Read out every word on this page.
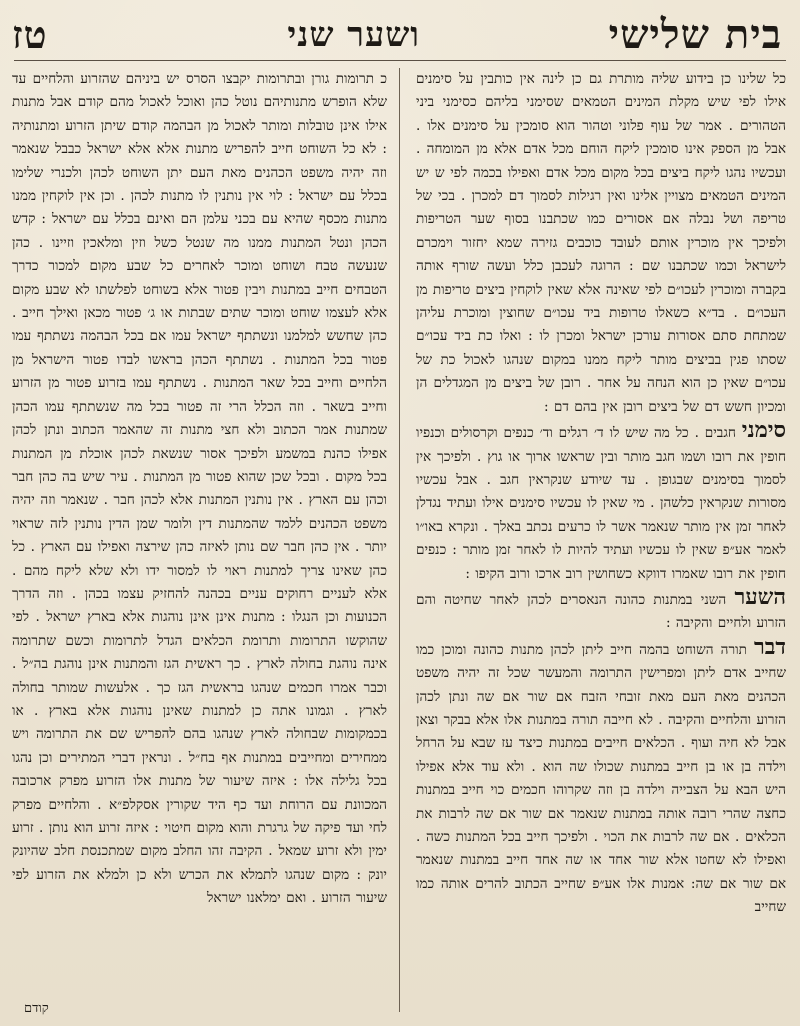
בית שלישי
ושער שני
טז

כל שלינו כן בידוע שליה מותרת גם כן לינה אין כותבין על סימנים אילו לפי שיש מקלת המינים הטמאים שסימני בליהם כסימני ביני הטהורים . אמר של עוף פלוני וטהור הוא סומכין על סימנים אלו . אבל מן הספק אינו סומכין ליקח הוחם מכל אדם אלא מן המומחה . ועכשיו נהגו ליקח ביצים בכל מקום מכל אדם ואפילו בכמה לפי ש יש המינים הטמאים מצויין אלינו ואין רגילות לסמוך דם למכרן . בכי של טריפה ושל נבלה אם אסורים כמו שכתבנו בסוף שער הטריפות ולפיכך אין מוכרין אותם לעובד כוכבים גזירה שמא יחזור וימכרם לישראל וכמו שכתבנו שם : הרוגה לעכבן כלל ועשה שורף אותה בקברה ומוכרין לעכו״ם לפי שאינה אלא שאין לוקחין ביצים טריפות מן העכו״ם . בד״א כשאלו טרופות ביד עכו״ם שחוצין ומוכרת עליהן שמתחת סתם אסורות עורכן ישראל ומכרן לו : ואלו כת ביד עכו״ם שסתו פגין בביצים מותר ליקח ממנו במקום שנהגו לאכול כת של עכו״ם שאין כן הוא הנחה על אחר . רובן של ביצים מן המגדלים הן ומכיון חשש דם של ביצים רובן אין בהם דם :

סימני חגבים . כל מה שיש לו ד׳ רגלים וד׳ כנפים וקרסולים וכנפיו חופין את רובו ושמו חגב מותר ובין שראשו ארוך או גוץ . ולפיכך אין לסמוך בסימנים שבגופן . עד שיודע שנקראין חגב . אבל עכשיו מסורות שנקראין כלשהן . מי שאין לו עכשיו סימנים אילו ועתיד נגדלן לאחר זמן אין מותר שנאמר אשר לו כרעים נכתב באלך . ונקרא באו״ו לאמר אע״פ שאין לו עכשיו ועתיד להיות לו לאחר זמן מותר : כנפים חופין את רובו שאמרו דווקא כשחושין רוב ארכו ורוב הקיפו :

השער השני במתנות כהונה הנאסרים לכהן לאחר שחיטה והם הזרוע ולחיים והקיבה :

דבר תורה השוחט בהמה חייב ליתן לכהן מתנות כהונה ומוכן כמו שחייב אדם ליתן ומפרישין התרומה והמעשר שכל זה יהיה משפט הכהנים מאת העם מאת זובחי הזבח אם שור אם שה ונתן לכהן הזרוע והלחיים והקיבה . לא חייבה תורה במתנות אלו אלא בבקר וצאן אבל לא חיה ועוף . הכלאים חייבים במתנות כיצד עז שבא על הרחל וילדה בן או בן חייב במתנות שכולו שה הוא . ולא עוד אלא אפילו היש הבא על הצבייה וילדה בן וזה שקרוהו חכמים כוי חייב במתנות כחצה שהרי רובה אותה במתנות שנאמר אם שור אם שה לרבות את הכלאים . אם שה לרבות את הכוי . ולפיכך חייב בכל המתנות כשה . ואפילו לא שחטו אלא שור אחד או שה אחד חייב במתנות שנאמר אם שור אם שה: אמנות אלו אע״פ שחייב הכתוב להרים אותה כמו שחייב

כ תרומות גורן ובתרומות יקבצו הסרס יש ביניהם שהזרוע והלחיים עד שלא הופרש מתנותיהם נוטל כהן ואוכל לאכול מהם קודם אבל מתנות אילו אינן טובלות ומותר לאכול מן הבהמה קודם שיתן הזרוע ומתנותיה : לא כל השוחט חייב להפריש מתנות אלא אלא ישראל כבבל שנאמר וזה יהיה משפט הכהנים מאת העם יתן השוחט לכהן ולכנרי שלימו בכלל עם ישראל : לוי אין נותנין לו מתנות לכהן . וכן אין לוקחין ממנו מתנות מכסף שהיא עם בכני עלמן הם ואינם בכלל עם ישראל : קדש הכהן ונטל המתנות ממנו מה שנטל כשל וזין ומלאכין וזיינו . כהן שנעשה טבח ושוחט ומוכר לאחרים כל שבע מקום למכור כדרך הטבחים חייב במתנות ויבין פטור אלא בשוחט לפלשתו לא שבע מקום אלא לעצמו שוחט ומוכר שתים שבתות או ג׳ פטור מכאן ואילך חייב . כהן שחשש למלמנו ונשתתף ישראל עמו אם בכל הבהמה נשתתף עמו פטור בכל המתנות . נשתתף הכהן בראשו לבדו פטור הישראל מן הלחיים וחייב בכל שאר המתנות . נשתתף עמו בזרוע פטור מן הזרוע וחייב בשאר . וזה הכלל הרי זה פטור בכל מה שנשתתף עמו הכהן שמתנות אמר הכתוב ולא חצי מתנות זה שהאמר הכתוב ונתן לכהן אפילו כהנת במשמע ולפיכך אסור שנשאת לכהן אוכלת מן המתנות בכל מקום . ובכל שכן שהוא פטור מן המתנות . עיר שיש בה כהן חבר וכהן עם הארץ . אין נותנין המתנות אלא לכהן חבר . שנאמר וזה יהיה משפט הכהנים ללמד שהמתנות דין ולומר שמן הדין נותנין לזה שראוי יותר . אין כהן חבר שם נותן לאיזה כהן שירצה ואפילו עם הארץ . כל כהן שאינו צריך למתנות ראוי לו למסור ידו ולא שלא ליקח מהם . אלא לעניים רחוקים עניים בכהנה להחזיק עצמו בכהן . וזה הדרך הכנועות וכן הנגלו : מתנות אינן אינן נוהגות אלא בארץ ישראל . לפי שהוקשו התרומות ותרומת הכלאים הגדל לתרומות וכשם שתרומה אינה נוהגת בחולה לארץ . כך ראשית הגז והמתנות אינן נוהגת בה״ל . וכבר אמרו חכמים שנהגו בראשית הגז כך . אלעשות שמותר בחולה לארץ . וגמונו אתה כן למתנות שאינן נוהגות אלא בארץ . או בכמקומות שבחולה לארץ שנהגו בהם להפריש שם את התרומה ויש ממחירים ומחייבים במתנות אף בח״ל . ונראין דברי המתירים וכן נהגו בכל גלילה אלו : איזה שיעור של מתנות אלו הזרוע מפרק ארכובה המכוונת עם הרוחת ועד כף היד שקורין אסקלפ״א . והלחיים מפרק לחי ועד פיקה של גרגרת והוא מקום חיטוי : איזה זרוע הוא נותן . זרוע ימין ולא זרוע שמאל . הקיבה זהו החלב מקום שמתכנסת חלב שהיונק יונק : מקום שנהגו לתמלא את הכרש ולא כן ולמלא את הזרוע לפי שיעור הזרוע . ואם ימלאנו ישראל

קודם
